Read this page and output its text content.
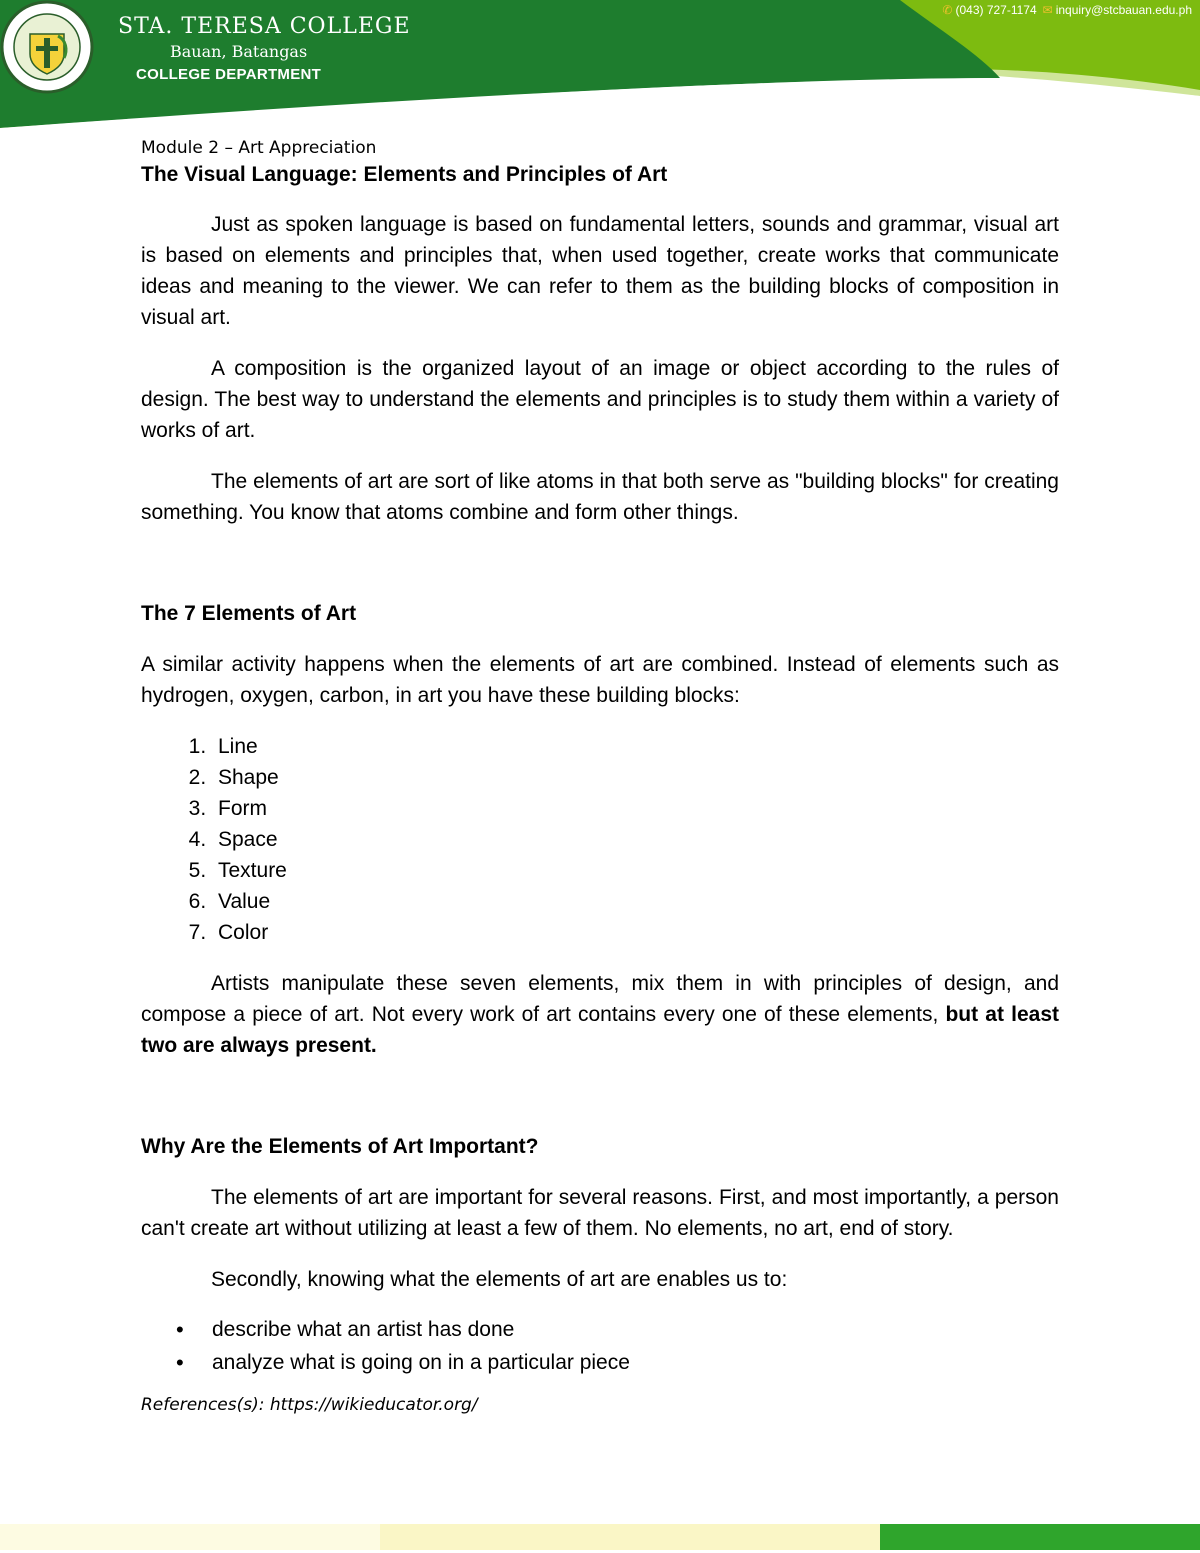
STA. TERESA COLLEGE
Bauan, Batangas
COLLEGE DEPARTMENT
✆ (043) 727-1174 ✉ inquiry@stcbauan.edu.ph

Module 2 – Art Appreciation

The Visual Language: Elements and Principles of Art

Just as spoken language is based on fundamental letters, sounds and grammar, visual art is based on elements and principles that, when used together, create works that communicate ideas and meaning to the viewer. We can refer to them as the building blocks of composition in visual art.

A composition is the organized layout of an image or object according to the rules of design. The best way to understand the elements and principles is to study them within a variety of works of art.

The elements of art are sort of like atoms in that both serve as "building blocks" for creating something. You know that atoms combine and form other things.

The 7 Elements of Art

A similar activity happens when the elements of art are combined. Instead of elements such as hydrogen, oxygen, carbon, in art you have these building blocks:

1. Line
2. Shape
3. Form
4. Space
5. Texture
6. Value
7. Color

Artists manipulate these seven elements, mix them in with principles of design, and compose a piece of art. Not every work of art contains every one of these elements, but at least two are always present.

Why Are the Elements of Art Important?

The elements of art are important for several reasons. First, and most importantly, a person can't create art without utilizing at least a few of them. No elements, no art, end of story.

Secondly, knowing what the elements of art are enables us to:

• describe what an artist has done
• analyze what is going on in a particular piece

References(s): https://wikieducator.org/
